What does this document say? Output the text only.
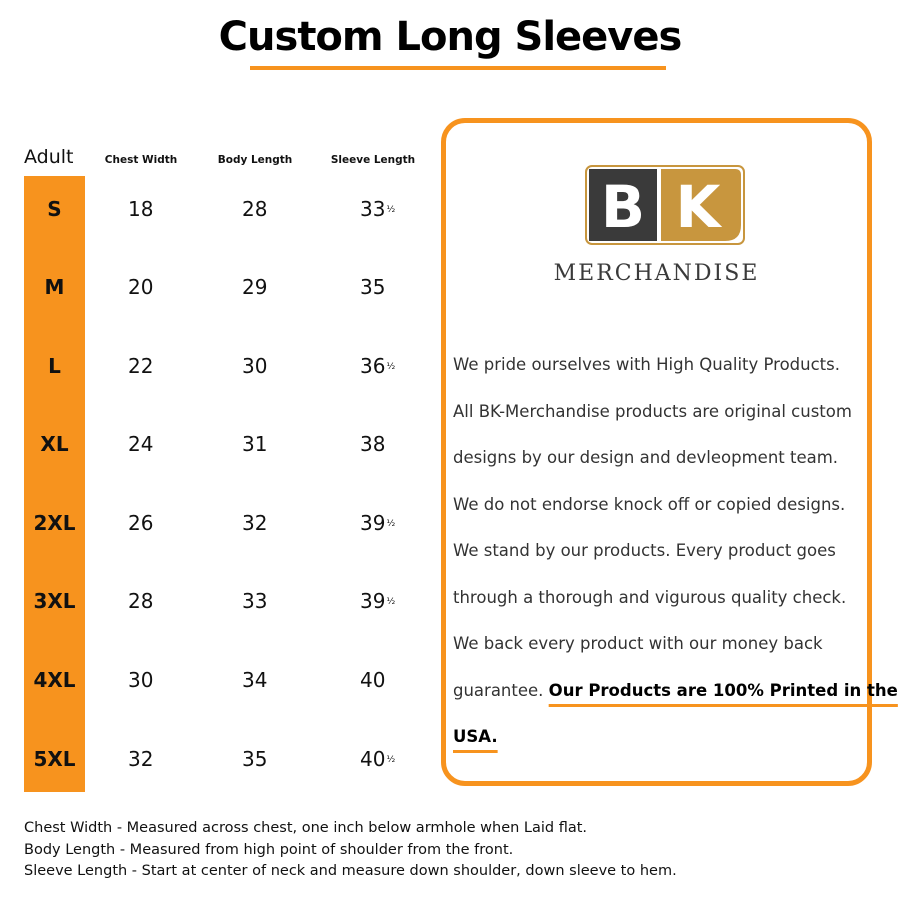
Custom Long Sleeves
Adult	Chest Width	Body Length	Sleeve Length
S	18	28	$33^{\frac{1}{2}}$
M	20	29	35
L	22	30	$36^{\frac{1}{2}}$
XL	24	31	38
2XL	26	32	$39^{\frac{1}{2}}$
3XL	28	33	$39^{\frac{1}{2}}$
4XL	30	34	40
5XL	32	35	$40^{\frac{1}{2}}$
B K
MERCHANDISE
We pride ourselves with High Quality Products.
All BK-Merchandise products are original custom
designs by our design and devleopment team.
We do not endorse knock off or copied designs.
We stand by our products. Every product goes
through a thorough and vigurous quality check.
We back every product with our money back
guarantee. Our Products are 100% Printed in the
USA.
Chest Width - Measured across chest, one inch below armhole when Laid flat.
Body Length - Measured from high point of shoulder from the front.
Sleeve Length - Start at center of neck and measure down shoulder, down sleeve to hem.
